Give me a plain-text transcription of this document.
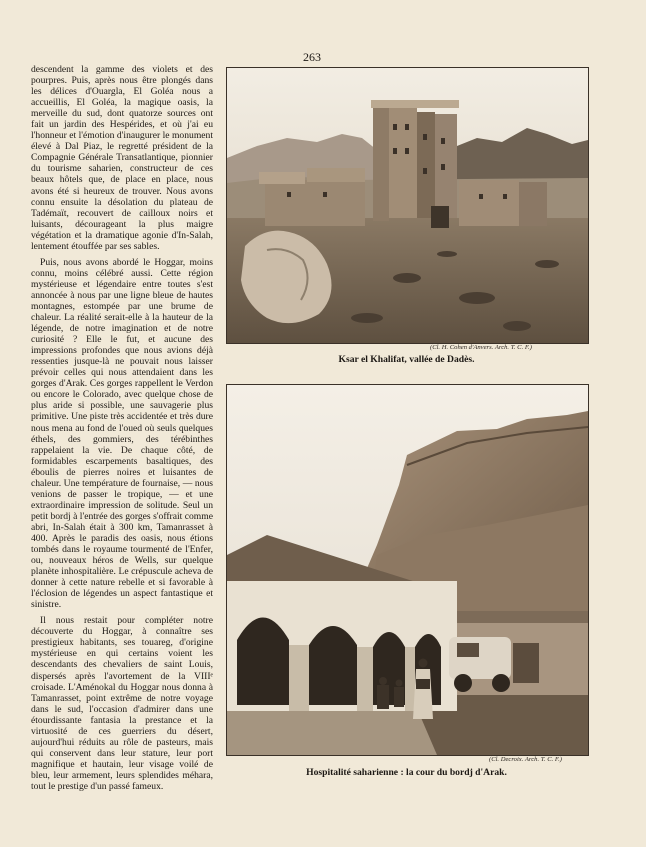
263

descendent la gamme des violets et des pourpres. Puis, après nous être plongés dans les délices d'Ouargla, El Goléa nous a accueillis, El Goléa, la magique oasis, la merveille du sud, dont quatorze sources ont fait un jardin des Hespérides, et où j'ai eu l'honneur et l'émotion d'inaugurer le monument élevé à Dal Piaz, le regretté président de la Compagnie Générale Transatlantique, pionnier du tourisme saharien, constructeur de ces beaux hôtels que, de place en place, nous avons été si heureux de trouver. Nous avons connu ensuite la désolation du plateau de Tadémaït, recouvert de cailloux noirs et luisants, décourageant la plus maigre végétation et la dramatique agonie d'In-Salah, lentement étouffée par ses sables.

Puis, nous avons abordé le Hoggar, moins connu, moins célébré aussi. Cette région mystérieuse et légendaire entre toutes s'est annoncée à nous par une ligne bleue de hautes montagnes, estompée par une brume de chaleur. La réalité serait-elle à la hauteur de la légende, de notre imagination et de notre curiosité ? Elle le fut, et aucune des impressions profondes que nous avions déjà ressenties jusque-là ne pouvait nous laisser prévoir celles qui nous attendaient dans les gorges d'Arak. Ces gorges rappellent le Verdon ou encore le Colorado, avec quelque chose de plus aride si possible, une sauvagerie plus primitive. Une piste très accidentée et très dure nous mena au fond de l'oued où seuls quelques éthels, des gommiers, des térébinthes rappelaient la vie. De chaque côté, de formidables escarpements basaltiques, des éboulis de pierres noires et luisantes de chaleur. Une température de fournaise, — nous venions de passer le tropique, — et une extraordinaire impression de solitude. Seul un petit bordj à l'entrée des gorges s'offrait comme abri, In-Salah était à 300 km, Tamanrasset à 400. Après le paradis des oasis, nous étions tombés dans le royaume tourmenté de l'Enfer, ou, nouveaux héros de Wells, sur quelque planète inhospitalière. Le crépuscule acheva de donner à cette nature rebelle et si favorable à l'éclosion de légendes un aspect fantastique et sinistre.

Il nous restait pour compléter notre découverte du Hoggar, à connaître ses prestigieux habitants, ses touareg, d'origine mystérieuse en qui certains voient les descendants des chevaliers de saint Louis, dispersés après l'avortement de la VIIIᵉ croisade. L'Aménokal du Hoggar nous donna à Tamanrasset, point extrême de notre voyage dans le sud, l'occasion d'admirer dans une étourdissante fantasia la prestance et la virtuosité de ces guerriers du désert, aujourd'hui réduits au rôle de pasteurs, mais qui conservent dans leur stature, leur port magnifique et hautain, leur visage voilé de bleu, leur armement, leurs splendides méhara, tout le prestige d'un passé fameux.

(Cl. H. Cohen d'Anvers. Arch. T. C. F.)
Ksar el Khalifat, vallée de Dadès.
(Cl. Decroix. Arch. T. C. F.)
Hospitalité saharienne : la cour du bordj d'Arak.
